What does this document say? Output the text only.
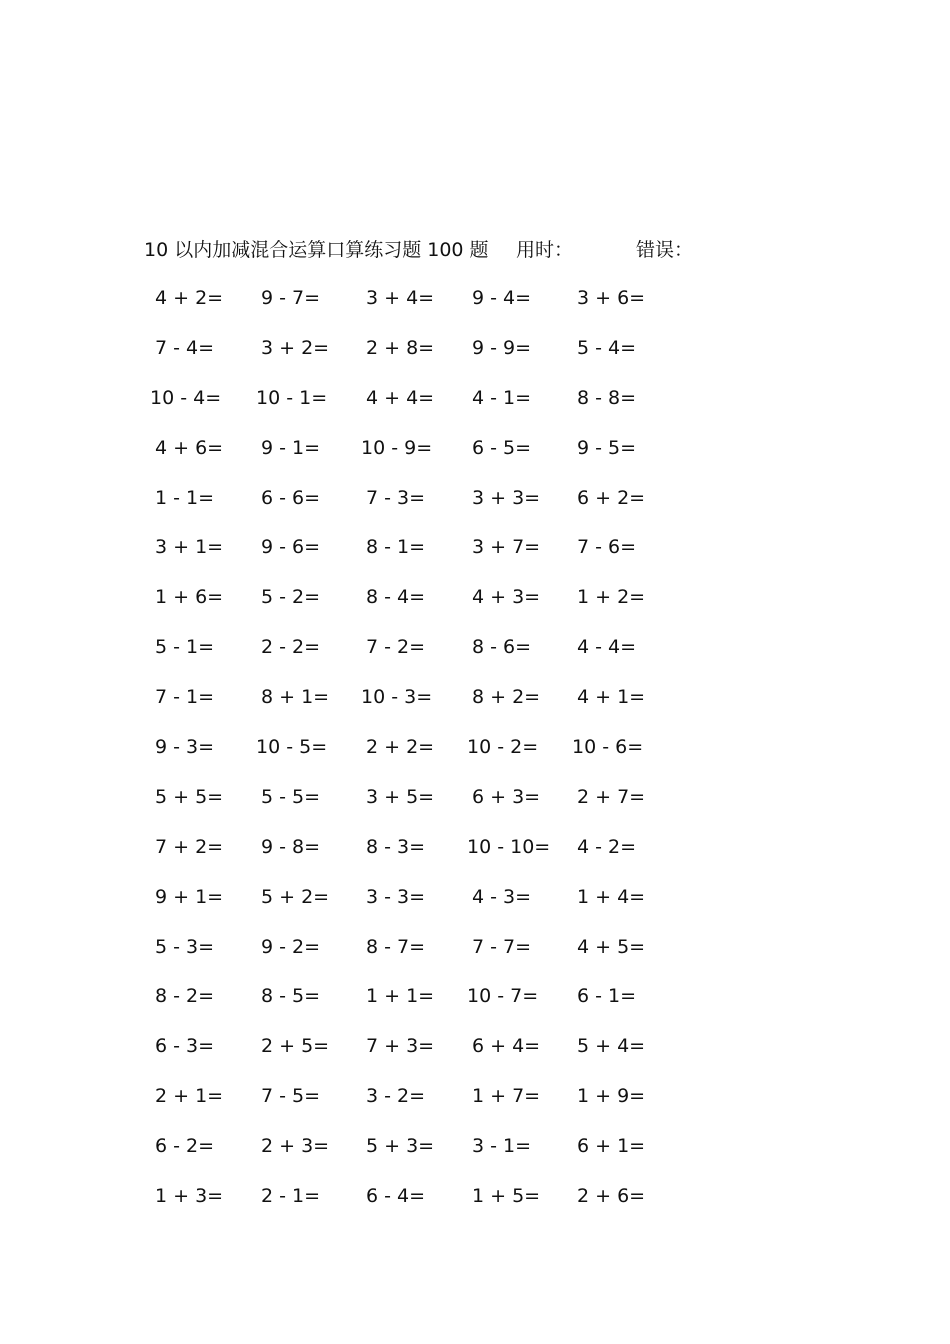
10 以内加减混合运算口算练习题 100 题 用时：	错误：
4 + 2= 9 - 7= 3 + 4= 9 - 4= 3 + 6=
7 - 4= 3 + 2= 2 + 8= 9 - 9= 5 - 4=
10 - 4= 10 - 1= 4 + 4= 4 - 1= 8 - 8=
4 + 6= 9 - 1= 10 - 9= 6 - 5= 9 - 5=
1 - 1= 6 - 6= 7 - 3= 3 + 3= 6 + 2=
3 + 1= 9 - 6= 8 - 1= 3 + 7= 7 - 6=
1 + 6= 5 - 2= 8 - 4= 4 + 3= 1 + 2=
5 - 1= 2 - 2= 7 - 2= 8 - 6= 4 - 4=
7 - 1= 8 + 1= 10 - 3= 8 + 2= 4 + 1=
9 - 3= 10 - 5= 2 + 2= 10 - 2= 10 - 6=
5 + 5= 5 - 5= 3 + 5= 6 + 3= 2 + 7=
7 + 2= 9 - 8= 8 - 3= 10 - 10= 4 - 2=
9 + 1= 5 + 2= 3 - 3= 4 - 3= 1 + 4=
5 - 3= 9 - 2= 8 - 7= 7 - 7= 4 + 5=
8 - 2= 8 - 5= 1 + 1= 10 - 7= 6 - 1=
6 - 3= 2 + 5= 7 + 3= 6 + 4= 5 + 4=
2 + 1= 7 - 5= 3 - 2= 1 + 7= 1 + 9=
6 - 2= 2 + 3= 5 + 3= 3 - 1= 6 + 1=
1 + 3= 2 - 1= 6 - 4= 1 + 5= 2 + 6=
